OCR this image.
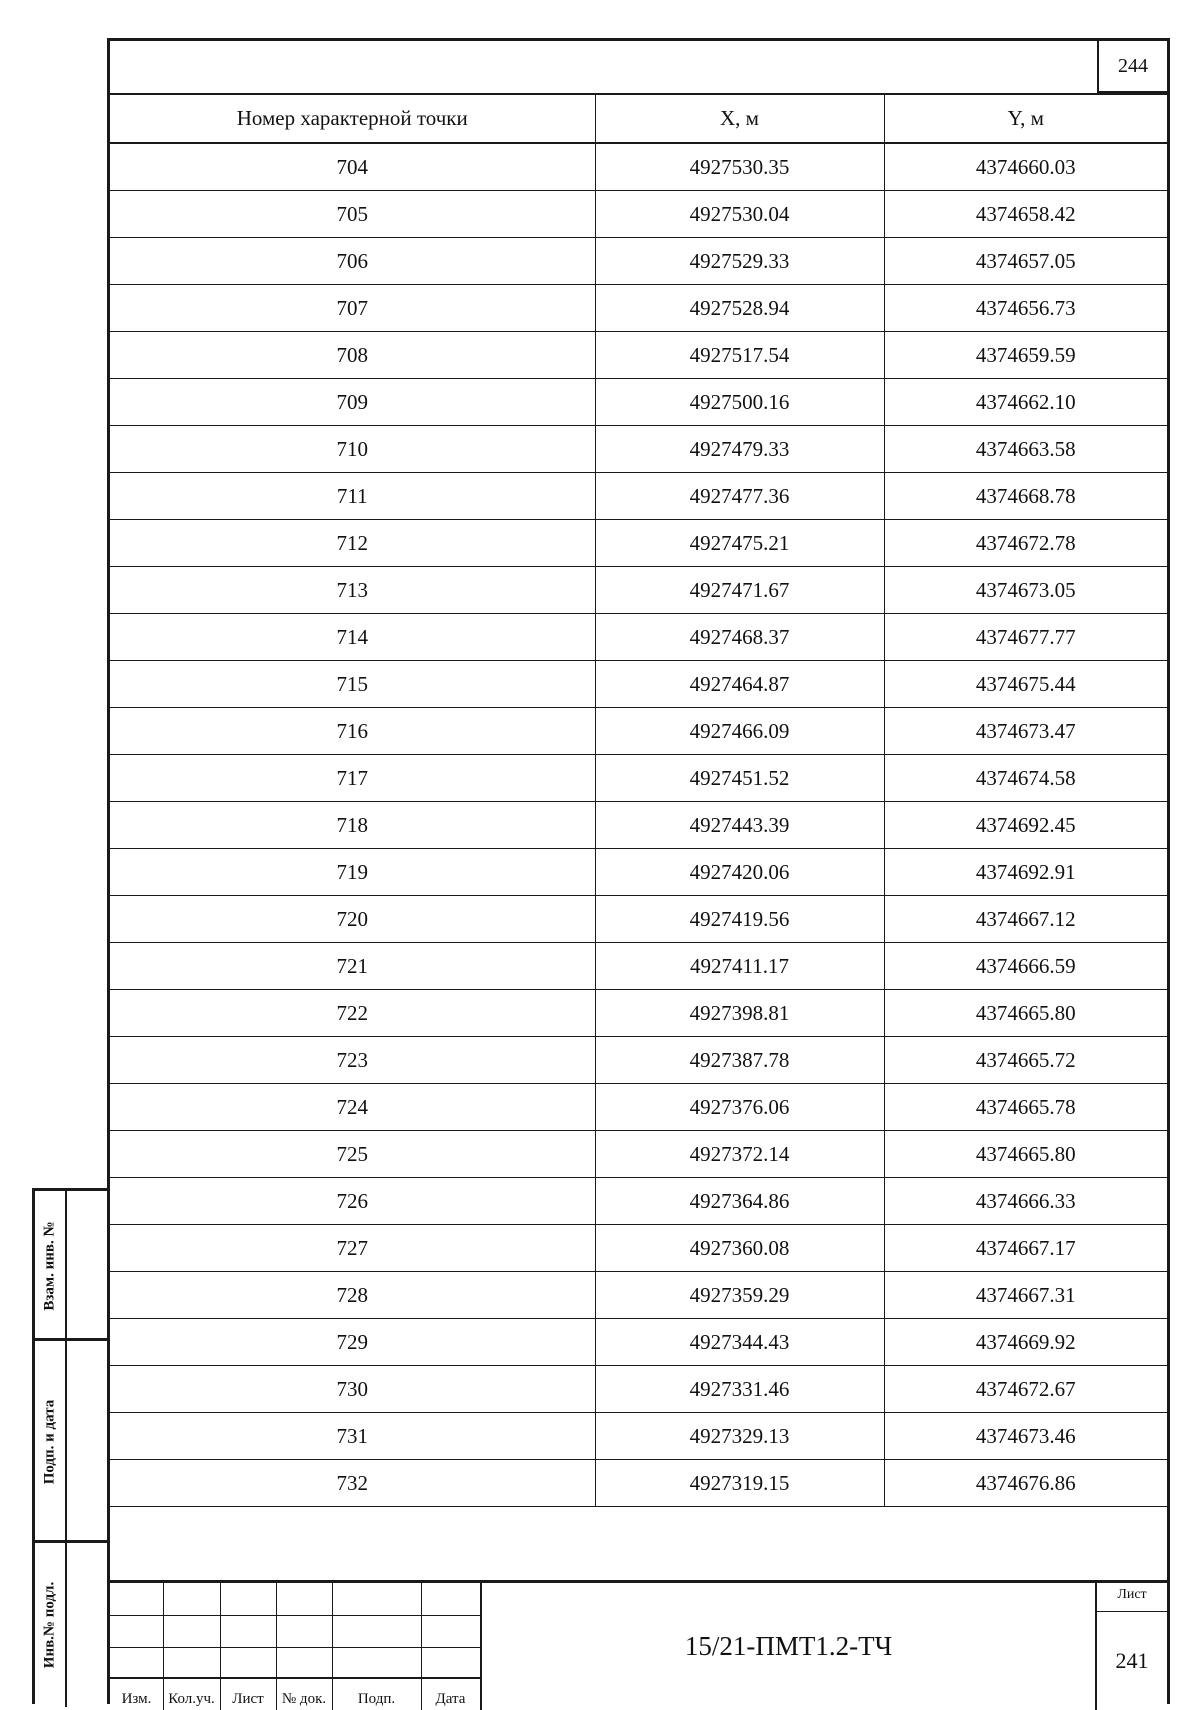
244
Номер характерной точки	X, м	Y, м
704	4927530.35	4374660.03
705	4927530.04	4374658.42
706	4927529.33	4374657.05
707	4927528.94	4374656.73
708	4927517.54	4374659.59
709	4927500.16	4374662.10
710	4927479.33	4374663.58
711	4927477.36	4374668.78
712	4927475.21	4374672.78
713	4927471.67	4374673.05
714	4927468.37	4374677.77
715	4927464.87	4374675.44
716	4927466.09	4374673.47
717	4927451.52	4374674.58
718	4927443.39	4374692.45
719	4927420.06	4374692.91
720	4927419.56	4374667.12
721	4927411.17	4374666.59
722	4927398.81	4374665.80
723	4927387.78	4374665.72
724	4927376.06	4374665.78
725	4927372.14	4374665.80
726	4927364.86	4374666.33
727	4927360.08	4374667.17
728	4927359.29	4374667.31
729	4927344.43	4374669.92
730	4927331.46	4374672.67
731	4927329.13	4374673.46
732	4927319.15	4374676.86
Изм.	Кол.уч.	Лист	№ док.	Подп.	Дата
15/21-ПМТ1.2-ТЧ
Лист
241
Взам. инв. №
Подп. и дата
Инв.№ подл.
